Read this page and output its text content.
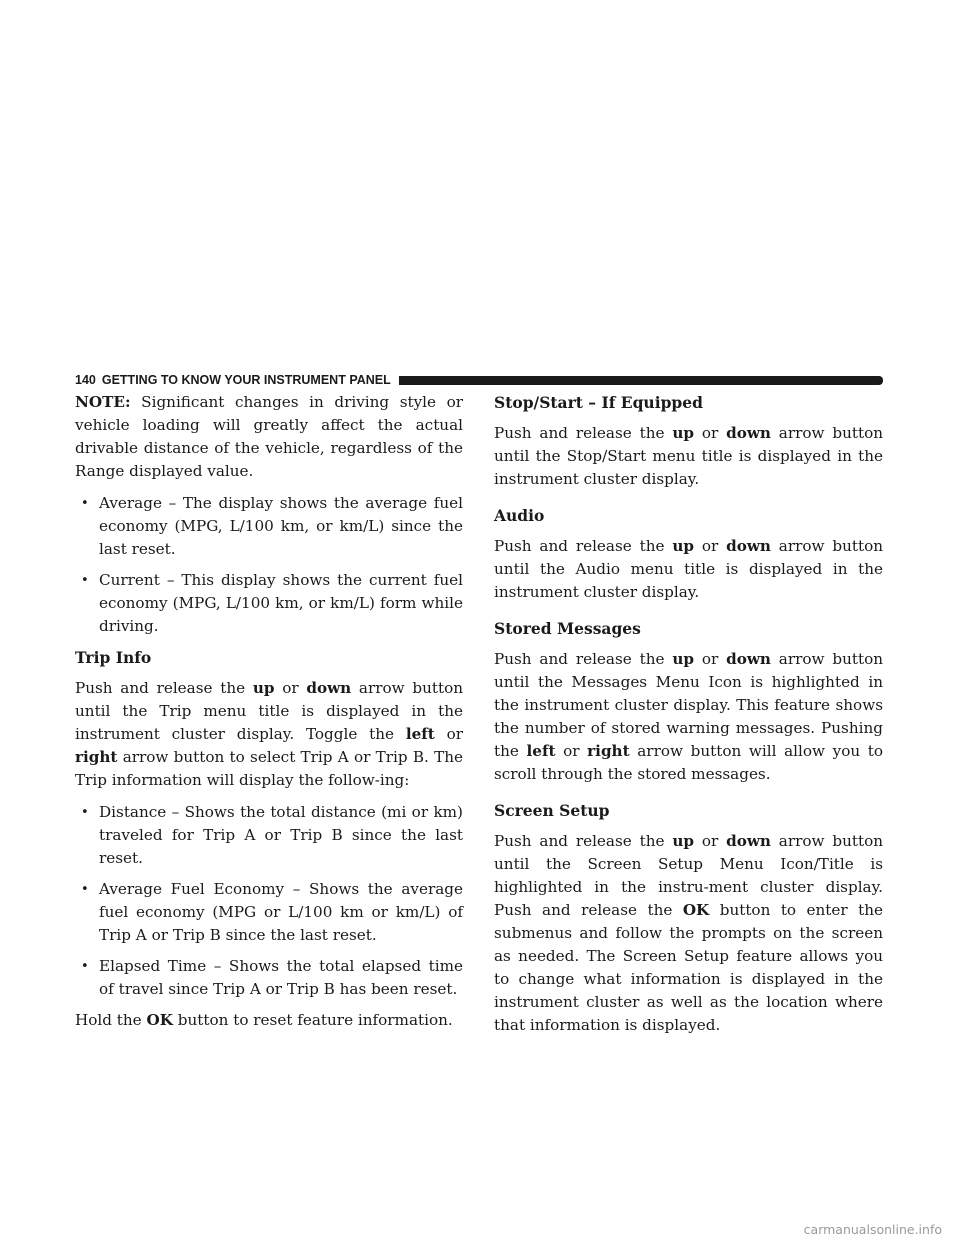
140 GETTING TO KNOW YOUR INSTRUMENT PANEL

NOTE: Significant changes in driving style or vehicle loading will greatly affect the actual drivable distance of the vehicle, regardless of the Range displayed value.

• Average – The display shows the average fuel economy (MPG, L/100 km, or km/L) since the last reset.
• Current – This display shows the current fuel economy (MPG, L/100 km, or km/L) form while driving.
Trip Info

Push and release the up or down arrow button until the Trip menu title is displayed in the instrument cluster display. Toggle the left or right arrow button to select Trip A or Trip B. The Trip information will display the follow-ing:

• Distance – Shows the total distance (mi or km) traveled for Trip A or Trip B since the last reset.
• Average Fuel Economy – Shows the average fuel economy (MPG or L/100 km or km/L) of Trip A or Trip B since the last reset.
• Elapsed Time – Shows the total elapsed time of travel since Trip A or Trip B has been reset.

Hold the OK button to reset feature information.

Stop/Start – If Equipped

Push and release the up or down arrow button until the Stop/Start menu title is displayed in the instrument cluster display.

Audio

Push and release the up or down arrow button until the Audio menu title is displayed in the instrument cluster display.

Stored Messages

Push and release the up or down arrow button until the Messages Menu Icon is highlighted in the instrument cluster display. This feature shows the number of stored warning messages. Pushing the left or right arrow button will allow you to scroll through the stored messages.

Screen Setup

Push and release the up or down arrow button until the Screen Setup Menu Icon/Title is highlighted in the instru-ment cluster display. Push and release the OK button to enter the submenus and follow the prompts on the screen as needed. The Screen Setup feature allows you to change what information is displayed in the instrument cluster as well as the location where that information is displayed.

carmanualsonline.info
